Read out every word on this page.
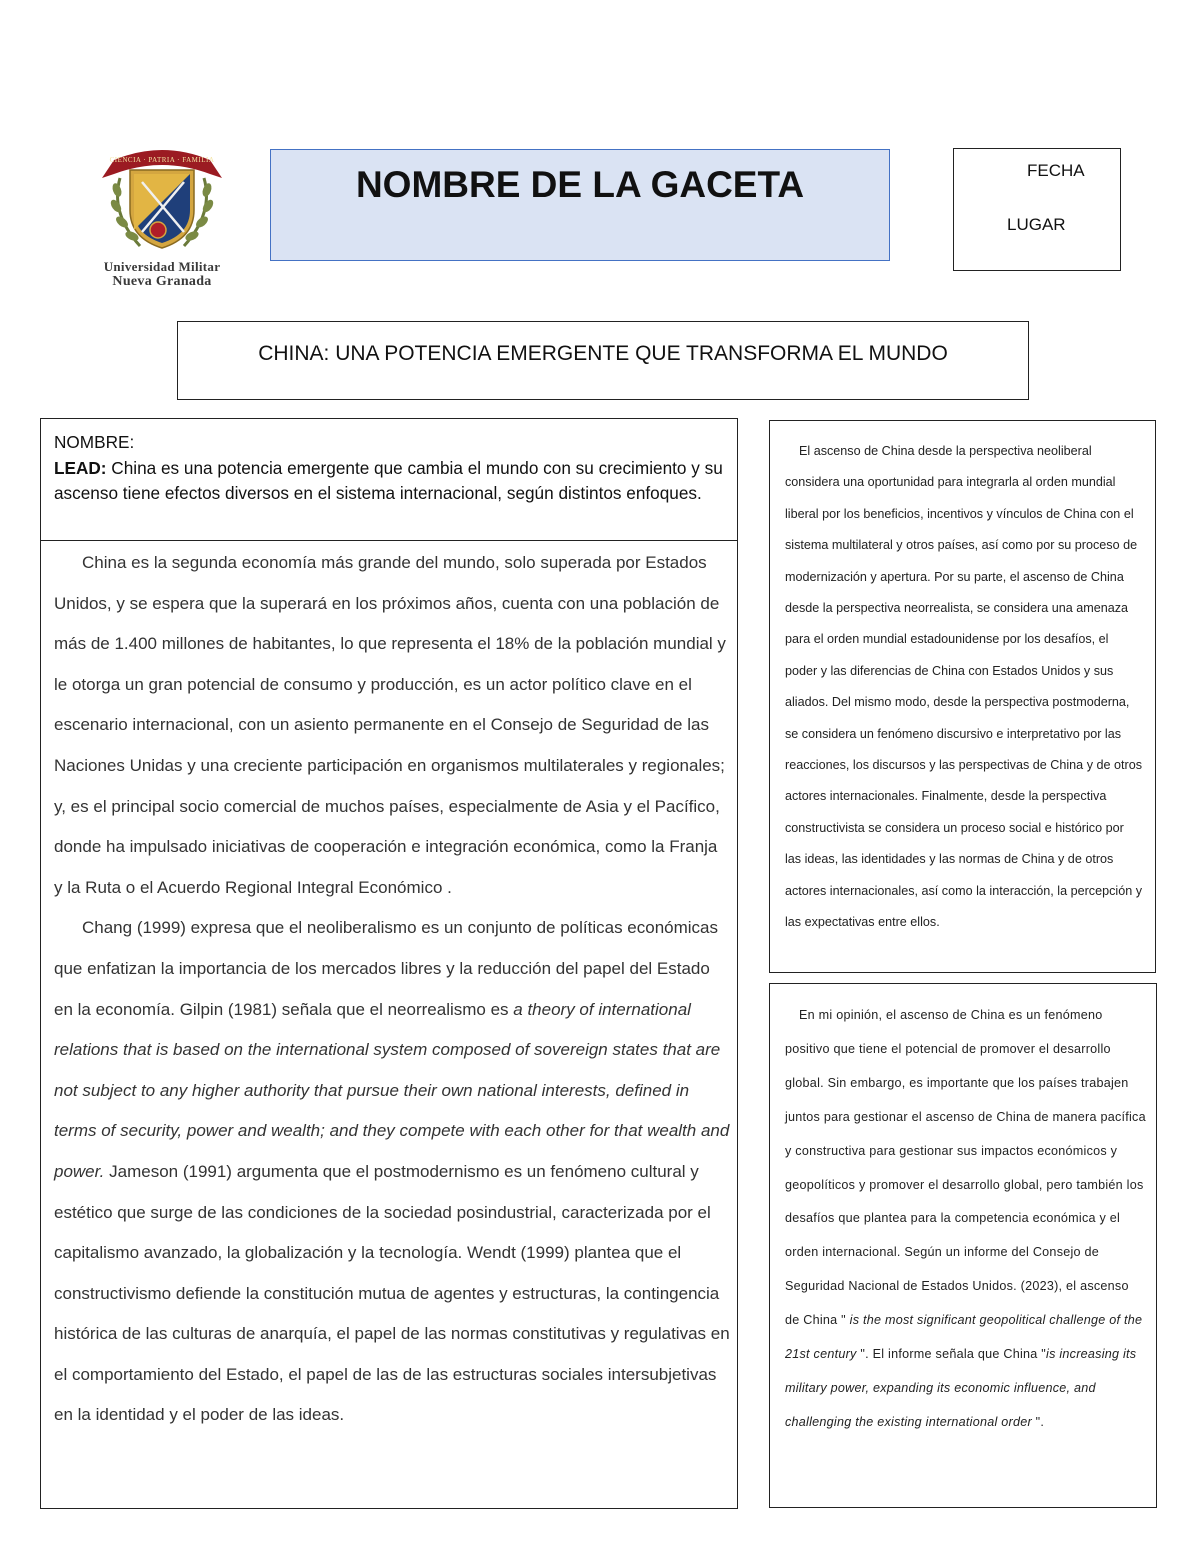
CIENCIA · PATRIA · FAMILIA
Universidad Militar
Nueva Granada
NOMBRE DE LA GACETA	FECHA
LUGAR
CHINA: UNA POTENCIA EMERGENTE QUE TRANSFORMA EL MUNDO
NOMBRE:
LEAD: China es una potencia emergente que cambia el mundo con su crecimiento y su ascenso tiene efectos diversos en el sistema internacional, según distintos enfoques.

China es la segunda economía más grande del mundo, solo superada por Estados Unidos, y se espera que la superará en los próximos años, cuenta con una población de más de 1.400 millones de habitantes, lo que representa el 18% de la población mundial y le otorga un gran potencial de consumo y producción, es un actor político clave en el escenario internacional, con un asiento permanente en el Consejo de Seguridad de las Naciones Unidas y una creciente participación en organismos multilaterales y regionales; y, es el principal socio comercial de muchos países, especialmente de Asia y el Pacífico, donde ha impulsado iniciativas de cooperación e integración económica, como la Franja y la Ruta o el Acuerdo Regional Integral Económico .

Chang (1999) expresa que el neoliberalismo es un conjunto de políticas económicas que enfatizan la importancia de los mercados libres y la reducción del papel del Estado en la economía. Gilpin (1981) señala que el neorrealismo es a theory of international relations that is based on the international system composed of sovereign states that are not subject to any higher authority that pursue their own national interests, defined in terms of security, power and wealth; and they compete with each other for that wealth and power. Jameson (1991) argumenta que el postmodernismo es un fenómeno cultural y estético que surge de las condiciones de la sociedad posindustrial, caracterizada por el capitalismo avanzado, la globalización y la tecnología. Wendt (1999) plantea que el constructivismo defiende la constitución mutua de agentes y estructuras, la contingencia histórica de las culturas de anarquía, el papel de las normas constitutivas y regulativas en el comportamiento del Estado, el papel de las de las estructuras sociales intersubjetivas en la identidad y el poder de las ideas.

El ascenso de China desde la perspectiva neoliberal considera una oportunidad para integrarla al orden mundial liberal por los beneficios, incentivos y vínculos de China con el sistema multilateral y otros países, así como por su proceso de modernización y apertura. Por su parte, el ascenso de China desde la perspectiva neorrealista, se considera una amenaza para el orden mundial estadounidense por los desafíos, el poder y las diferencias de China con Estados Unidos y sus aliados. Del mismo modo, desde la perspectiva postmoderna, se considera un fenómeno discursivo e interpretativo por las reacciones, los discursos y las perspectivas de China y de otros actores internacionales. Finalmente, desde la perspectiva constructivista se considera un proceso social e histórico por las ideas, las identidades y las normas de China y de otros actores internacionales, así como la interacción, la percepción y las expectativas entre ellos.

En mi opinión, el ascenso de China es un fenómeno positivo que tiene el potencial de promover el desarrollo global. Sin embargo, es importante que los países trabajen juntos para gestionar el ascenso de China de manera pacífica y constructiva para gestionar sus impactos económicos y geopolíticos y promover el desarrollo global, pero también los desafíos que plantea para la competencia económica y el orden internacional. Según un informe del Consejo de Seguridad Nacional de Estados Unidos. (2023), el ascenso de China " is the most significant geopolitical challenge of the 21st century ". El informe señala que China "is increasing its military power, expanding its economic influence, and challenging the existing international order ".
